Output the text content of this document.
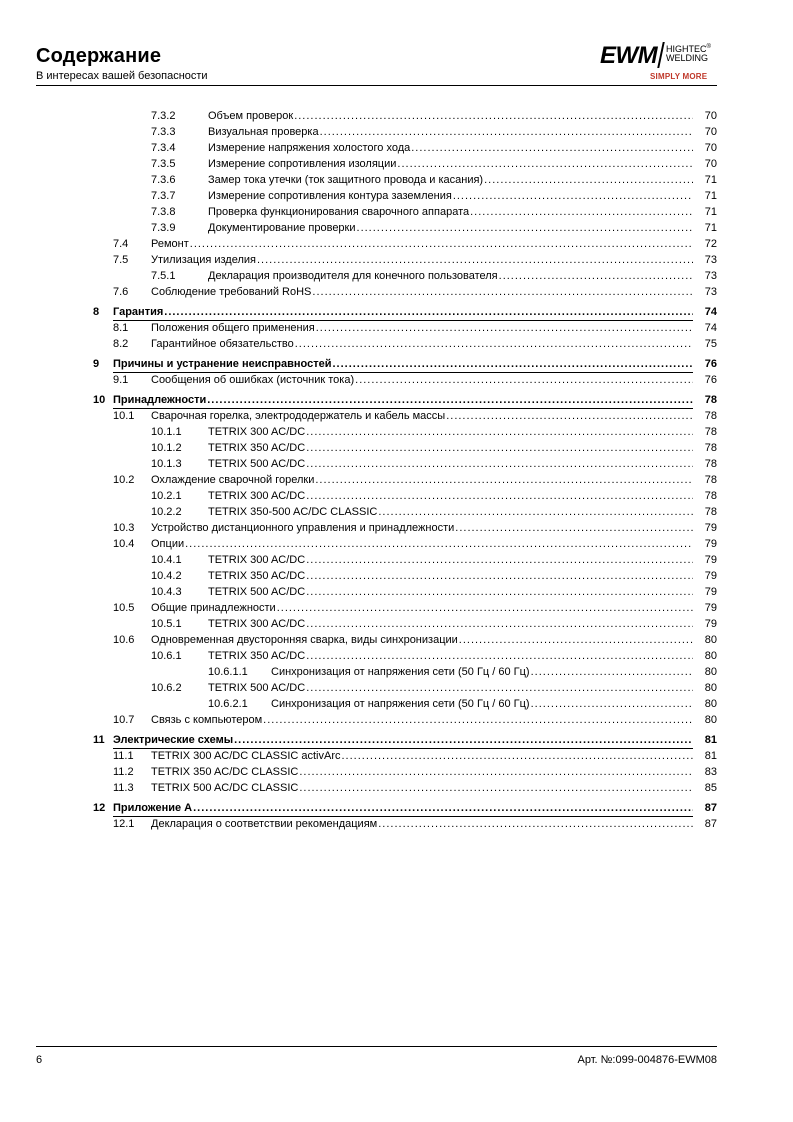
Содержание
В интересах вашей безопасности
EWM HIGHTEC®
WELDING
SIMPLY MORE
7.3.2	Объем проверок .....	70
7.3.3	Визуальная проверка .....	70
7.3.4	Измерение напряжения холостого хода .....	70
7.3.5	Измерение сопротивления изоляции .....	70
7.3.6	Замер тока утечки (ток защитного провода и касания) .....	71
7.3.7	Измерение сопротивления контура заземления .....	71
7.3.8	Проверка функционирования сварочного аппарата .....	71
7.3.9	Документирование проверки .....	71
7.4 Ремонт .....	72
7.5 Утилизация изделия .....	73
7.5.1	Декларация производителя для конечного пользователя .....	73
7.6 Соблюдение требований RoHS .....	73
8 Гарантия .....	74
8.1 Положения общего применения .....	74
8.2 Гарантийное обязательство .....	75
9 Причины и устранение неисправностей .....	76
9.1 Сообщения об ошибках (источник тока) .....	76
10 Принадлежности .....	78
10.1 Сварочная горелка, электрододержатель и кабель массы .....	78
10.1.1 TETRIX 300 AC/DC .....	78
10.1.2 TETRIX 350 AC/DC .....	78
10.1.3 TETRIX 500 AC/DC .....	78
10.2 Охлаждение сварочной горелки .....	78
10.2.1 TETRIX 300 AC/DC .....	78
10.2.2 TETRIX 350-500 AC/DC CLASSIC .....	78
10.3 Устройство дистанционного управления и принадлежности .....	79
10.4 Опции .....	79
10.4.1 TETRIX 300 AC/DC .....	79
10.4.2 TETRIX 350 AC/DC .....	79
10.4.3 TETRIX 500 AC/DC .....	79
10.5 Общие принадлежности .....	79
10.5.1 TETRIX 300 AC/DC .....	79
10.6 Одновременная двусторонняя сварка, виды синхронизации .....	80
10.6.1 TETRIX 350 AC/DC .....	80
10.6.1.1 Синхронизация от напряжения сети (50 Гц / 60 Гц) .....	80
10.6.2 TETRIX 500 AC/DC .....	80
10.6.2.1 Синхронизация от напряжения сети (50 Гц / 60 Гц) .....	80
10.7 Связь с компьютером .....	80
11 Электрические схемы .....	81
11.1 TETRIX 300 AC/DC CLASSIC activArc .....	81
11.2 TETRIX 350 AC/DC CLASSIC .....	83
11.3 TETRIX 500 AC/DC CLASSIC .....	85
12 Приложение A .....	87
12.1 Декларация о соответствии рекомендациям .....	87
6	Арт. №:099-004876-EWM08
